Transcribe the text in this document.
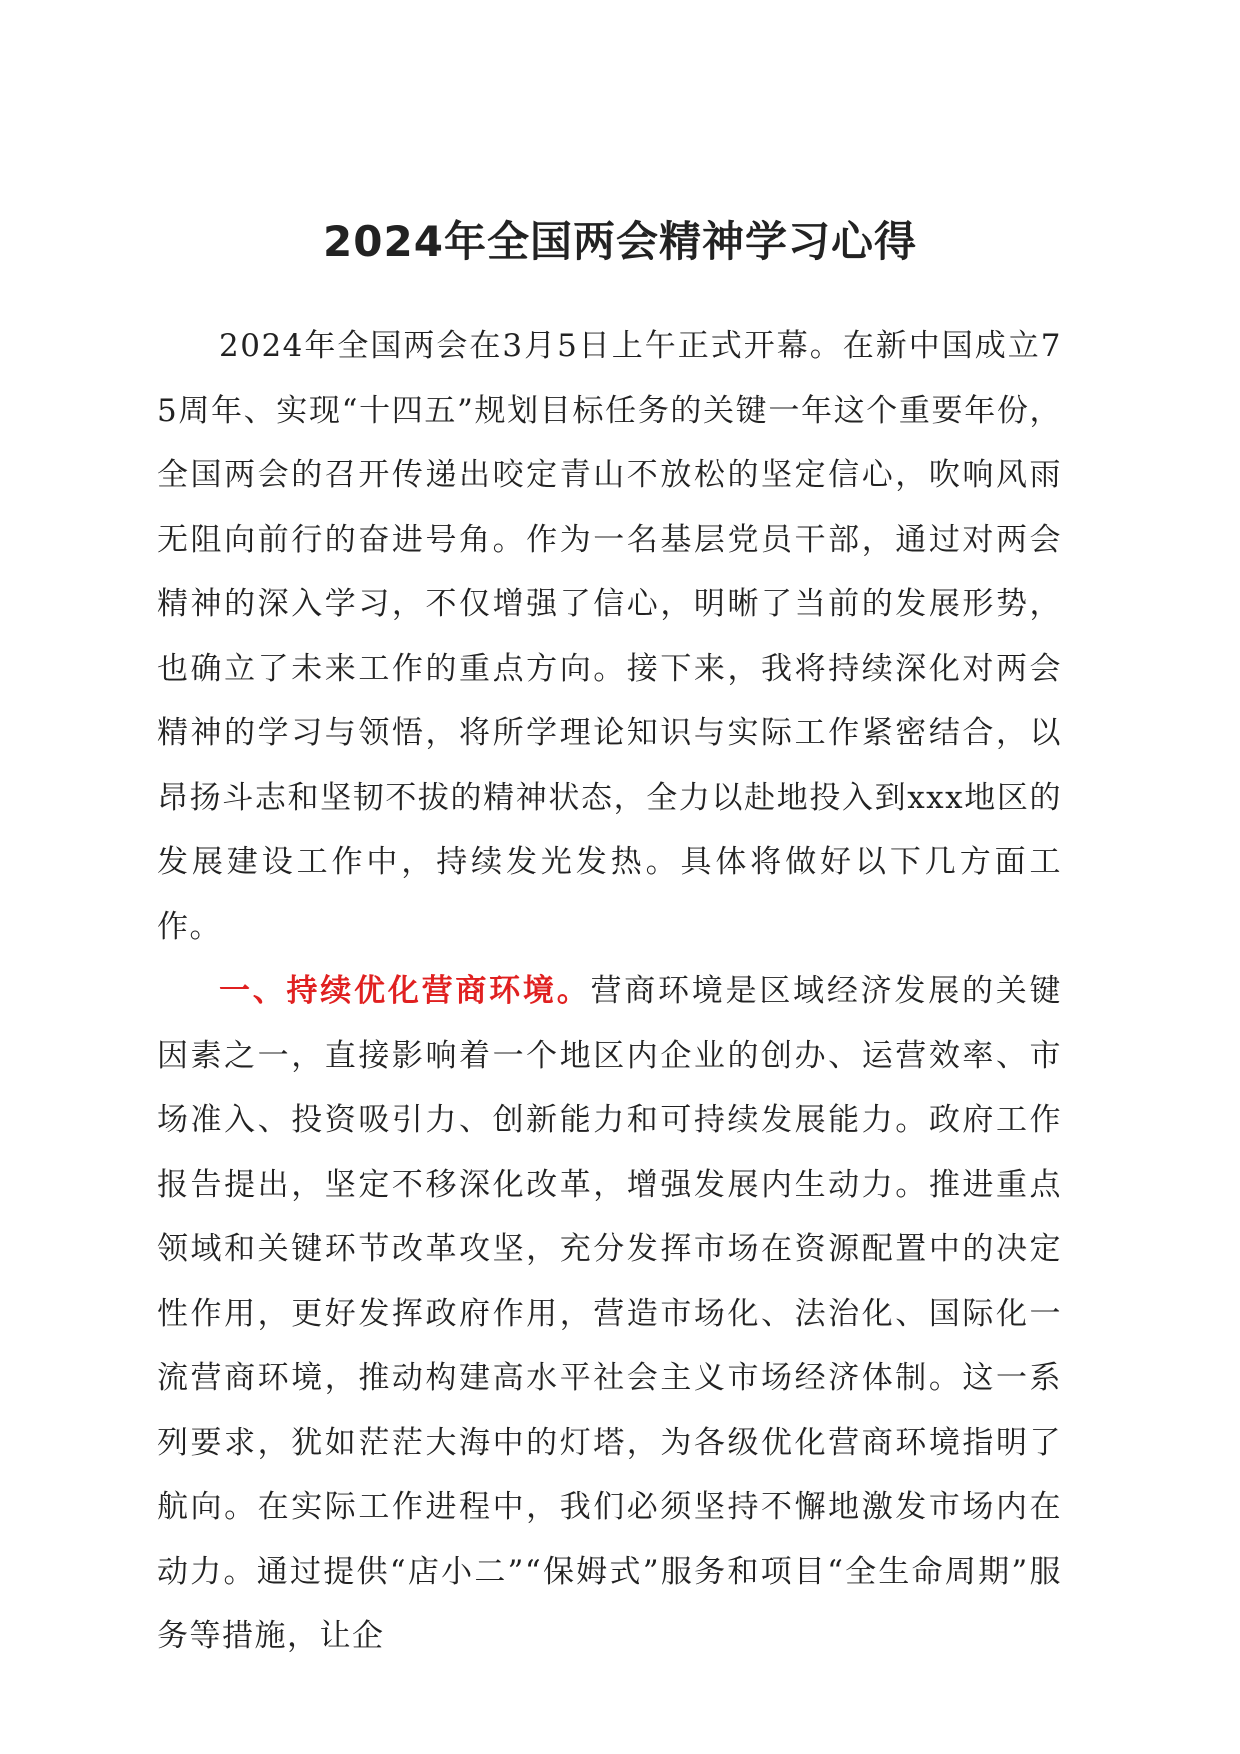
2024年全国两会精神学习心得

2024年全国两会在3月5日上午正式开幕。在新中国成立75周年、实现“十四五”规划目标任务的关键一年这个重要年份，全国两会的召开传递出咬定青山不放松的坚定信心，吹响风雨无阻向前行的奋进号角。作为一名基层党员干部，通过对两会精神的深入学习，不仅增强了信心，明晰了当前的发展形势，也确立了未来工作的重点方向。接下来，我将持续深化对两会精神的学习与领悟，将所学理论知识与实际工作紧密结合，以昂扬斗志和坚韧不拔的精神状态，全力以赴地投入到xxx地区的发展建设工作中，持续发光发热。具体将做好以下几方面工作。

一、持续优化营商环境。营商环境是区域经济发展的关键因素之一，直接影响着一个地区内企业的创办、运营效率、市场准入、投资吸引力、创新能力和可持续发展能力。政府工作报告提出，坚定不移深化改革，增强发展内生动力。推进重点领域和关键环节改革攻坚，充分发挥市场在资源配置中的决定性作用，更好发挥政府作用，营造市场化、法治化、国际化一流营商环境，推动构建高水平社会主义市场经济体制。这一系列要求，犹如茫茫大海中的灯塔，为各级优化营商环境指明了航向。在实际工作进程中，我们必须坚持不懈地激发市场内在动力。通过提供“店小二”“保姆式”服务和项目“全生命周期”服务等措施，让企
